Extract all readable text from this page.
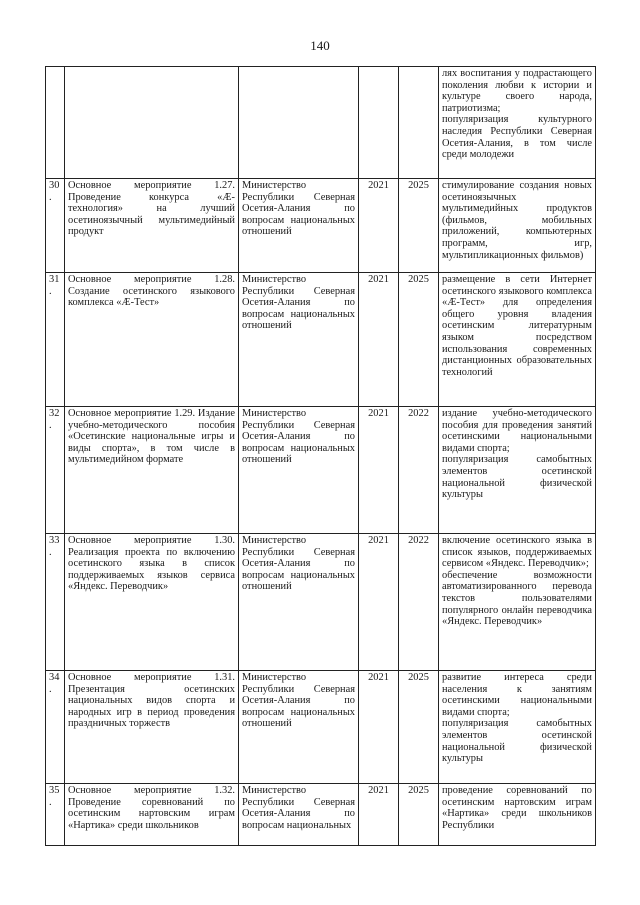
140

					лях воспитания у подрастающего поколения любви к истории и культуре своего народа, патриотизма;
популяризация культурного наследия Республики Северная Осетия-Алания, в том числе среди молодежи

30.	Основное мероприятие 1.27. Проведение конкурса «Æ-технология» на лучший осетиноязычный мультимедийный продукт	Министерство Республики Северная Осетия-Алания по вопросам национальных отношений	2021	2025	стимулирование создания новых осетиноязычных мультимедийных продуктов (фильмов, мобильных приложений, компьютерных программ, игр, мультипликационных фильмов)

31.	Основное мероприятие 1.28. Создание осетинского языкового комплекса «Æ-Тест»	Министерство Республики Северная Осетия-Алания по вопросам национальных отношений	2021	2025	размещение в сети Интернет осетинского языкового комплекса «Æ-Тест» для определения общего уровня владения осетинским литературным языком посредством использования современных дистанционных образовательных технологий

32.	Основное мероприятие 1.29. Издание учебно-методического пособия «Осетинские национальные игры и виды спорта», в том числе в мультимедийном формате	Министерство Республики Северная Осетия-Алания по вопросам национальных отношений	2021	2022	издание учебно-методического пособия для проведения занятий осетинскими национальными видами спорта;
популяризация самобытных элементов осетинской национальной физической культуры

33.	Основное мероприятие 1.30. Реализация проекта по включению осетинского языка в список поддерживаемых языков сервиса «Яндекс. Переводчик»	Министерство Республики Северная Осетия-Алания по вопросам национальных отношений	2021	2022	включение осетинского языка в список языков, поддерживаемых сервисом «Яндекс. Переводчик»;
обеспечение возможности автоматизированного перевода текстов пользователями популярного онлайн переводчика «Яндекс. Переводчик»

34.	Основное мероприятие 1.31. Презентация осетинских национальных видов спорта и народных игр в период проведения праздничных торжеств	Министерство Республики Северная Осетия-Алания по вопросам национальных отношений	2021	2025	развитие интереса среди населения к занятиям осетинскими национальными видами спорта;
популяризация самобытных элементов осетинской национальной физической культуры

35.	Основное мероприятие 1.32. Проведение соревнований по осетинским нартовским играм «Нартика» среди школьников	Министерство Республики Северная Осетия-Алания по вопросам национальных	2021	2025	проведение соревнований по осетинским нартовским играм «Нартика» среди школьников Республики
